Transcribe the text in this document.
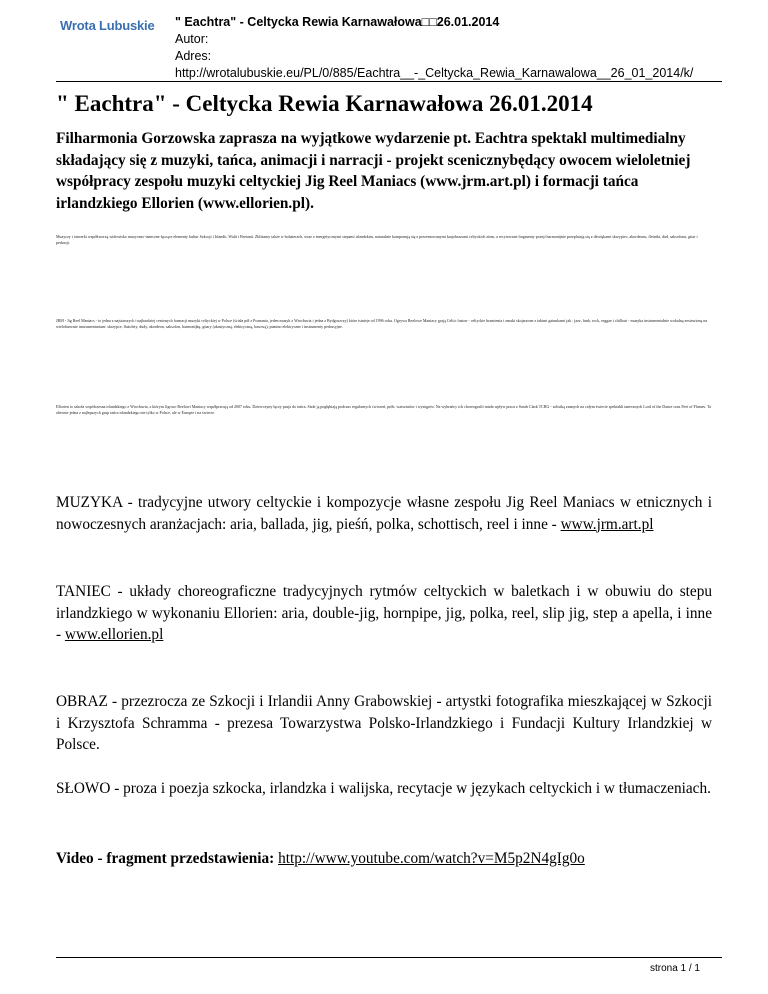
Wrota Lubuskie " Eachtra" - Celtycka Rewia Karnawałowa□□26.01.2014
Autor:
Adres:
http://wrotalubuskie.eu/PL/0/885/Eachtra__-_Celtycka_Rewia_Karnawalowa__26_01_2014/k/
" Eachtra" - Celtycka Rewia Karnawałowa 26.01.2014

Filharmonia Gorzowska zaprasza na wyjątkowe wydarzenie pt. Eachtra spektakl multimedialny składający się z muzyki, tańca, animacji i narracji - projekt scenicznybędący owocem wieloletniej współpracy zespołu muzyki celtyckiej Jig Reel Maniacs (www.jrm.art.pl) i formacji tańca irlandzkiego Ellorien (www.ellorien.pl).

Muzyczy i tancerki współtworzą widowisko muzyczno-taneczne łączące elementy kultur Szkocji i Irlandii, Walii i Bretanii. Zbliżamy także w bohaterach, wraz z energetycznymi stepami irlandzkim, naturalnie komponują się z prezentowanymi krajobrazami celtyckich ziem, a recytowane fragmenty poezji harmonijnie przeplatają się z dźwiękami skrzypiec, akordeonu, fletniki, dud, saksofonu, gitar i perkusji.

JRM - Jig Reel Maniacs - to jedna z najstarszych i najbardziej cenionych formacji muzyki celtyckiej w Polsce (ścisła pół z Poznania, jeden muzyk z Wrocławia i jedna z Bydgoszczy) które istnieje od 1996 roku. Ogrywa Reelowe Maniacy grają Celtic fusion - celtyckie brzmienia i zmaki skojarzone z takimi gatunkami jak : jazz, funk, rock, reggae i chillout - muzyka instrumentalnie wokalną zestawioną na wielobarwnie instrumentarium: skrzypce, flażolety, dudy, akordeon, saksofon, harmonijkę, gitary (akustyczną, elektryczną, basową), pianino elektryczne i instrumenty perkusyjne.

Ellorien to szkoła współczesna irlandzkiego z Wrocławia, z którym Jigowo Reelowi Maniacy współpracują od 2007 roku. Dziewczyny łączy pasja do tańca. Stale ją pogłębiają podczas regularnych ćwiczeń, prób, warsztatów i występów. Na wybrańcy ich choreografii miała wpływ praca z Sarah Clark TCRG - solistką znanych na całym świecie spektakli tanecznych Lord of the Dance oraz Feet of Flames. Ta obecnie jedna z najlepszych grup tańca irlandzkiego nie tylko w Polsce, ale w Europie i na świecie.

MUZYKA - tradycyjne utwory celtyckie i kompozycje własne zespołu Jig Reel Maniacs w etnicznych i nowoczesnych aranżacjach: aria, ballada, jig, pieśń, polka, schottisch, reel i inne - www.jrm.art.pl

TANIEC - układy choreograficzne tradycyjnych rytmów celtyckich w baletkach i w obuwiu do stepu irlandzkiego w wykonaniu Ellorien: aria, double-jig, hornpipe, jig, polka, reel, slip jig, step a apella, i inne - www.ellorien.pl

OBRAZ - przezrocza ze Szkocji i Irlandii Anny Grabowskiej - artystki fotografika mieszkającej w Szkocji i Krzysztofa Schramma - prezesa Towarzystwa Polsko-Irlandzkiego i Fundacji Kultury Irlandzkiej w Polsce.

SŁOWO - proza i poezja szkocka, irlandzka i walijska, recytacje w językach celtyckich i w tłumaczeniach.

Video - fragment przedstawienia: http://www.youtube.com/watch?v=M5p2N4gIg0o

strona 1 / 1
